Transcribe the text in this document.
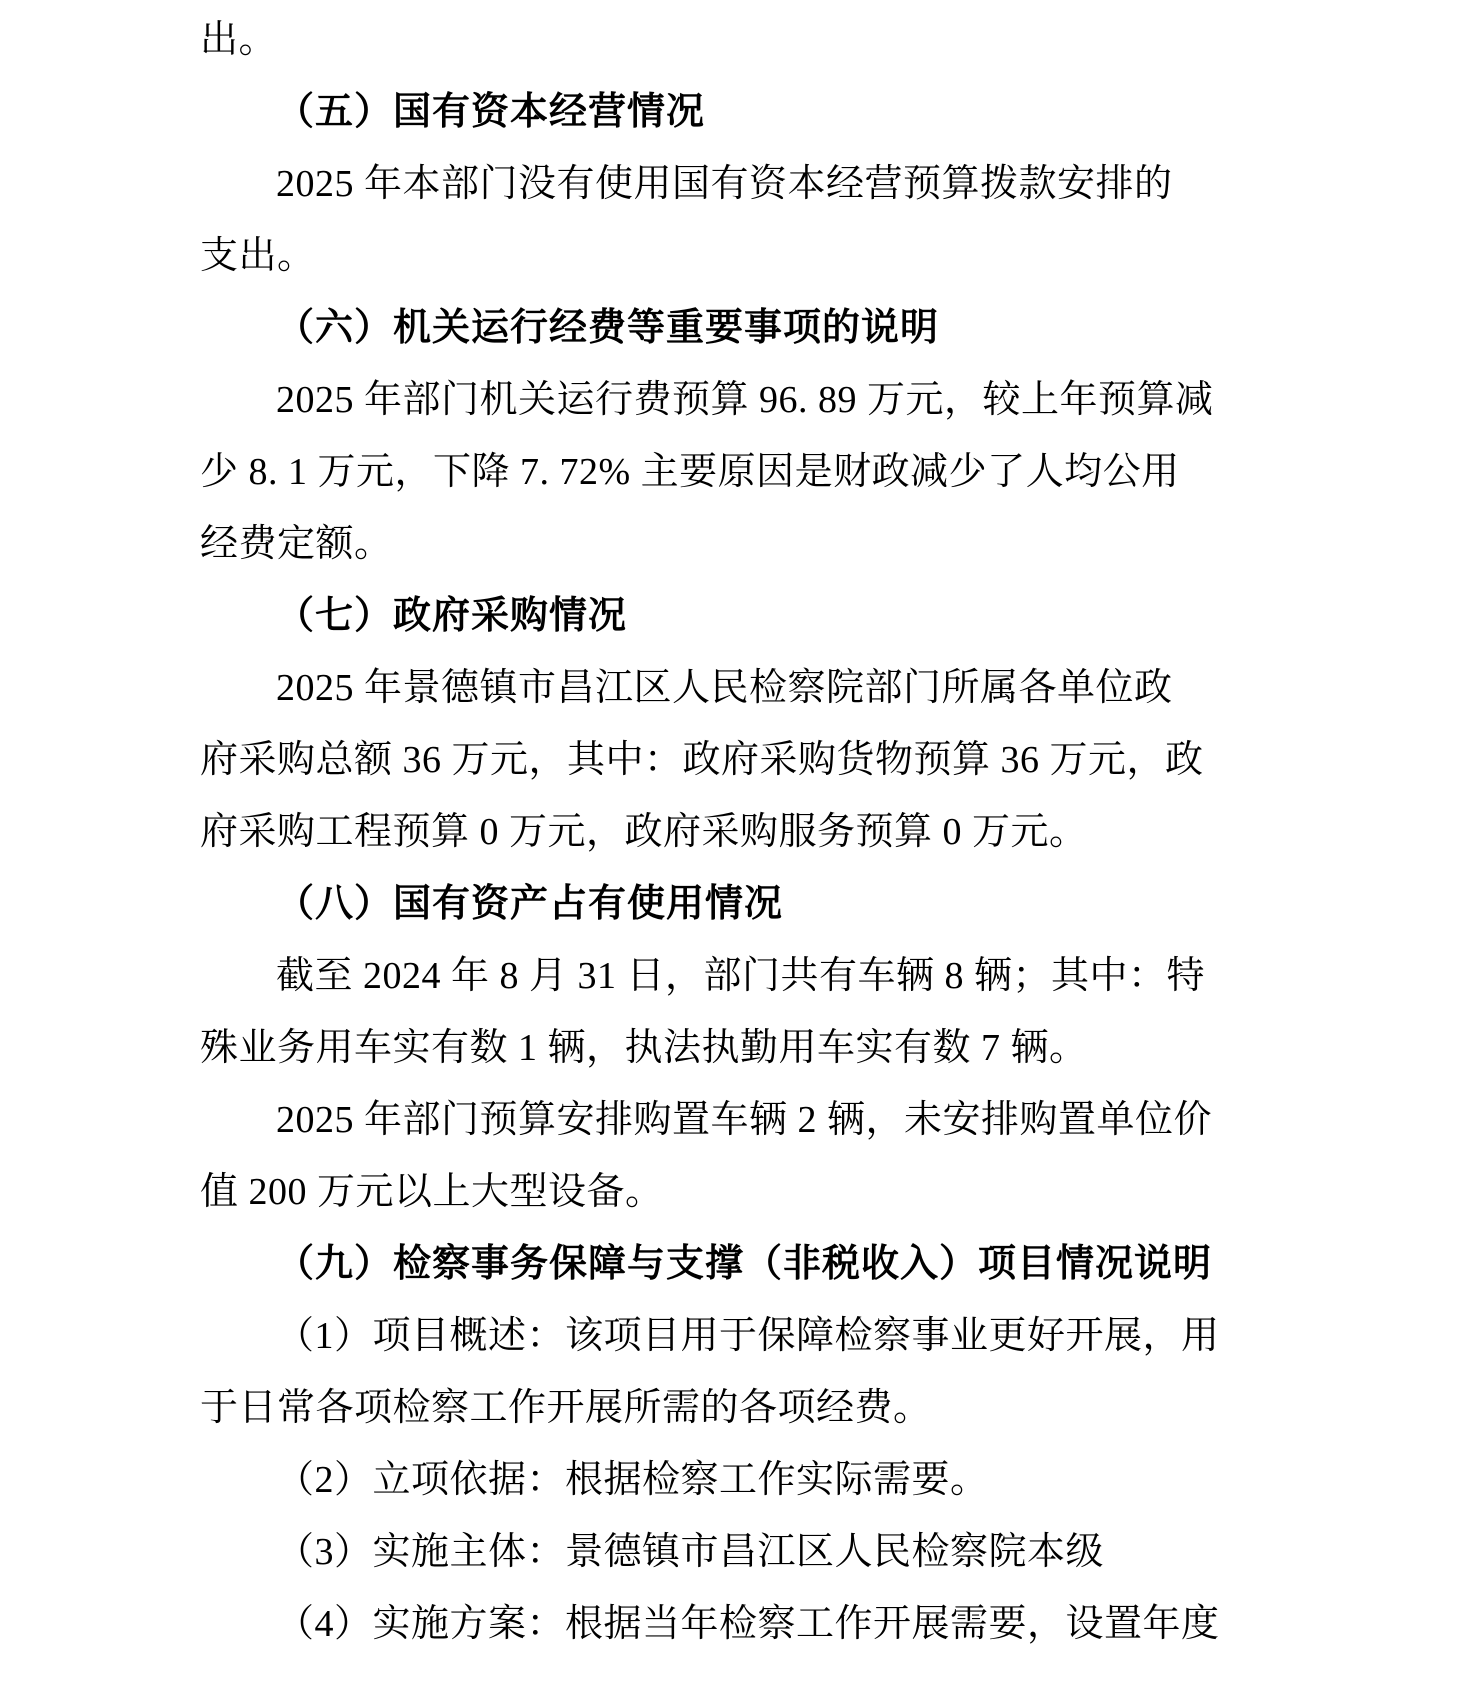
出。

（五）国有资本经营情况

2025 年本部门没有使用国有资本经营预算拨款安排的

支出。

（六）机关运行经费等重要事项的说明

2025 年部门机关运行费预算 96. 89 万元，较上年预算减

少 8. 1 万元，下降 7. 72% 主要原因是财政减少了人均公用

经费定额。

（七）政府采购情况

2025 年景德镇市昌江区人民检察院部门所属各单位政

府采购总额 36 万元，其中：政府采购货物预算 36 万元，政

府采购工程预算 0 万元，政府采购服务预算 0 万元。

（八）国有资产占有使用情况

截至 2024 年 8 月 31 日，部门共有车辆 8 辆；其中：特

殊业务用车实有数 1 辆，执法执勤用车实有数 7 辆。

2025 年部门预算安排购置车辆 2 辆，未安排购置单位价

值 200 万元以上大型设备。

（九）检察事务保障与支撑（非税收入）项目情况说明

（1）项目概述：该项目用于保障检察事业更好开展，用

于日常各项检察工作开展所需的各项经费。

（2）立项依据：根据检察工作实际需要。

（3）实施主体：景德镇市昌江区人民检察院本级

（4）实施方案：根据当年检察工作开展需要，设置年度
